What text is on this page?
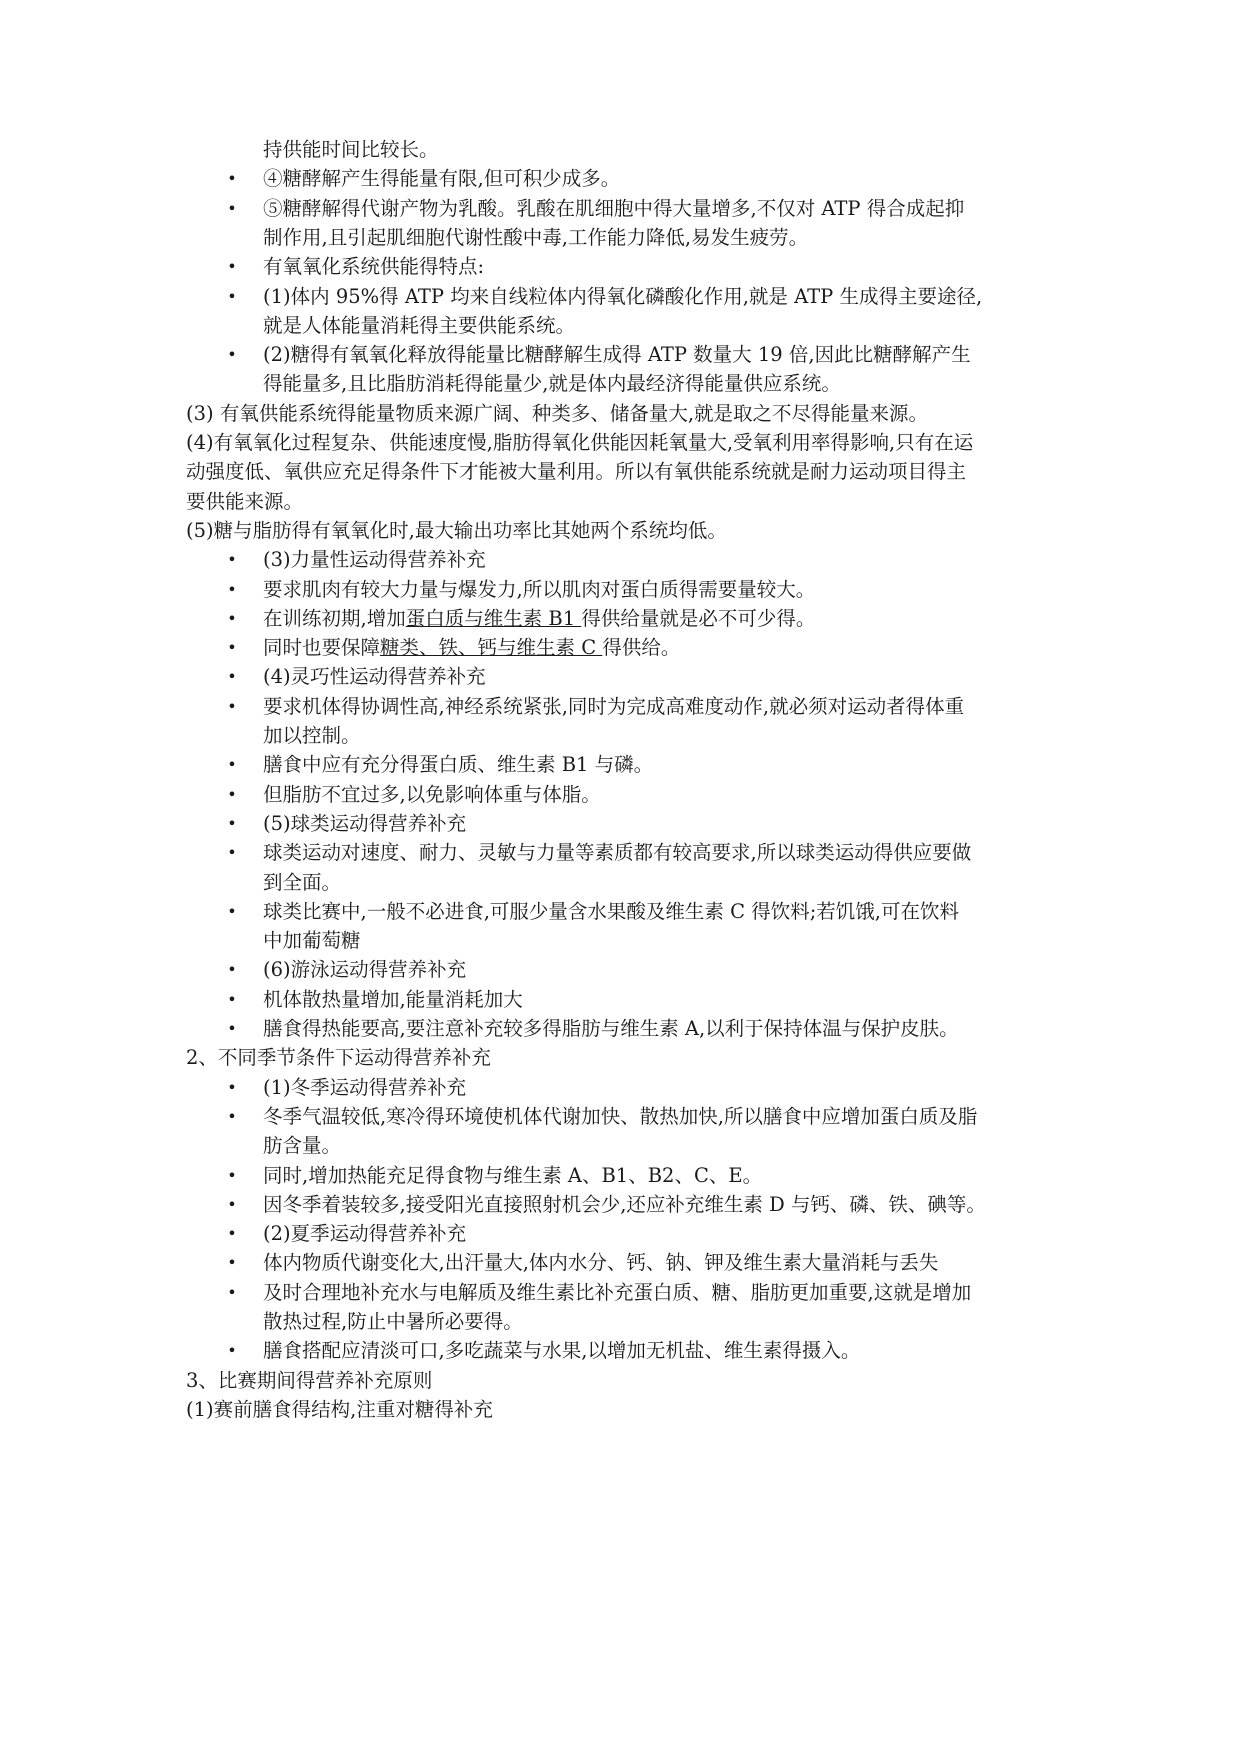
持供能时间比较长。
• ④糖酵解产生得能量有限,但可积少成多。
• ⑤糖酵解得代谢产物为乳酸。乳酸在肌细胞中得大量增多,不仅对 ATP 得合成起抑
制作用,且引起肌细胞代谢性酸中毒,工作能力降低,易发生疲劳。
• 有氧氧化系统供能得特点:
• (1)体内 95%得 ATP 均来自线粒体内得氧化磷酸化作用,就是 ATP 生成得主要途径,
就是人体能量消耗得主要供能系统。
• (2)糖得有氧氧化释放得能量比糖酵解生成得 ATP 数量大 19 倍,因此比糖酵解产生
得能量多,且比脂肪消耗得能量少,就是体内最经济得能量供应系统。
(3) 有氧供能系统得能量物质来源广阔、种类多、储备量大,就是取之不尽得能量来源。
(4)有氧氧化过程复杂、供能速度慢,脂肪得氧化供能因耗氧量大,受氧利用率得影响,只有在运
动强度低、氧供应充足得条件下才能被大量利用。所以有氧供能系统就是耐力运动项目得主
要供能来源。
(5)糖与脂肪得有氧氧化时,最大输出功率比其她两个系统均低。
• (3)力量性运动得营养补充
• 要求肌肉有较大力量与爆发力,所以肌肉对蛋白质得需要量较大。
• 在训练初期,增加蛋白质与维生素 B1 得供给量就是必不可少得。
• 同时也要保障糖类、铁、钙与维生素 C 得供给。
• (4)灵巧性运动得营养补充
• 要求机体得协调性高,神经系统紧张,同时为完成高难度动作,就必须对运动者得体重
加以控制。
• 膳食中应有充分得蛋白质、维生素 B1 与磷。
• 但脂肪不宜过多,以免影响体重与体脂。
• (5)球类运动得营养补充
• 球类运动对速度、耐力、灵敏与力量等素质都有较高要求,所以球类运动得供应要做
到全面。
• 球类比赛中,一般不必进食,可服少量含水果酸及维生素 C 得饮料;若饥饿,可在饮料
中加葡萄糖
• (6)游泳运动得营养补充
• 机体散热量增加,能量消耗加大
• 膳食得热能要高,要注意补充较多得脂肪与维生素 A,以利于保持体温与保护皮肤。
2、不同季节条件下运动得营养补充
• (1)冬季运动得营养补充
• 冬季气温较低,寒冷得环境使机体代谢加快、散热加快,所以膳食中应增加蛋白质及脂
肪含量。
• 同时,增加热能充足得食物与维生素 A、B1、B2、C、E。
• 因冬季着装较多,接受阳光直接照射机会少,还应补充维生素 D 与钙、磷、铁、碘等。
• (2)夏季运动得营养补充
• 体内物质代谢变化大,出汗量大,体内水分、钙、钠、钾及维生素大量消耗与丢失
• 及时合理地补充水与电解质及维生素比补充蛋白质、糖、脂肪更加重要,这就是增加
散热过程,防止中暑所必要得。
• 膳食搭配应清淡可口,多吃蔬菜与水果,以增加无机盐、维生素得摄入。
3、比赛期间得营养补充原则
(1)赛前膳食得结构,注重对糖得补充
